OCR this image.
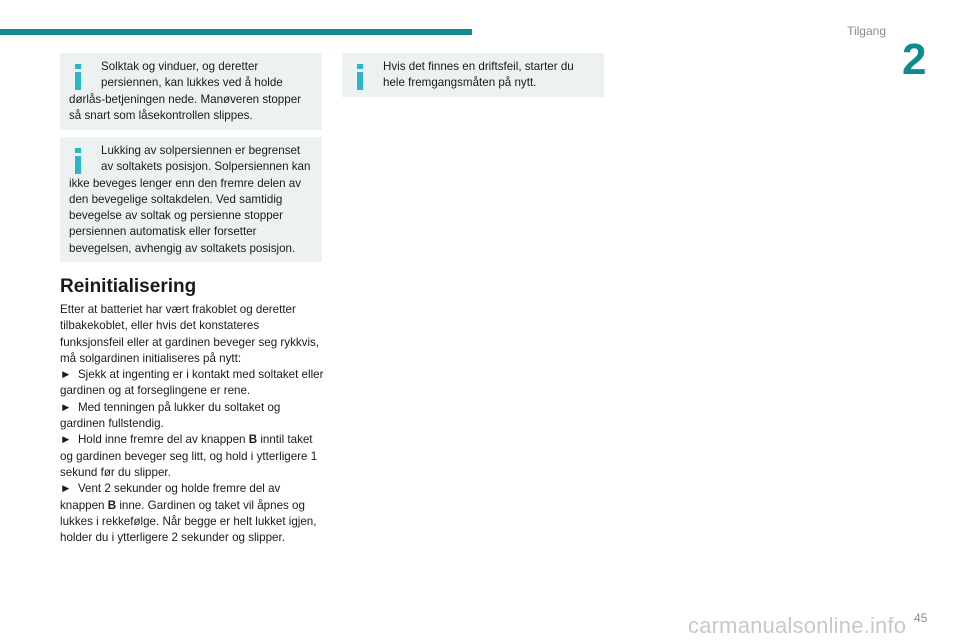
Tilgang
2
Solktak og vinduer, og deretter persiennen, kan lukkes ved å holde dørlås-betjeningen nede. Manøveren stopper så snart som låsekontrollen slippes.
Lukking av solpersiennen er begrenset av soltakets posisjon. Solpersiennen kan ikke beveges lenger enn den fremre delen av den bevegelige soltakdelen. Ved samtidig bevegelse av soltak og persienne stopper persiennen automatisk eller forsetter bevegelsen, avhengig av soltakets posisjon.
Hvis det finnes en driftsfeil, starter du hele fremgangsmåten på nytt.
Reinitialisering

Etter at batteriet har vært frakoblet og deretter tilbakekoblet, eller hvis det konstateres funksjonsfeil eller at gardinen beveger seg rykkvis, må solgardinen initialiseres på nytt:

► Sjekk at ingenting er i kontakt med soltaket eller gardinen og at forseglingene er rene.

► Med tenningen på lukker du soltaket og gardinen fullstendig.

► Hold inne fremre del av knappen B inntil taket og gardinen beveger seg litt, og hold i ytterligere 1 sekund før du slipper.

► Vent 2 sekunder og holde fremre del av knappen B inne. Gardinen og taket vil åpnes og lukkes i rekkefølge. Når begge er helt lukket igjen, holder du i ytterligere 2 sekunder og slipper.

carmanualsonline.info 45
